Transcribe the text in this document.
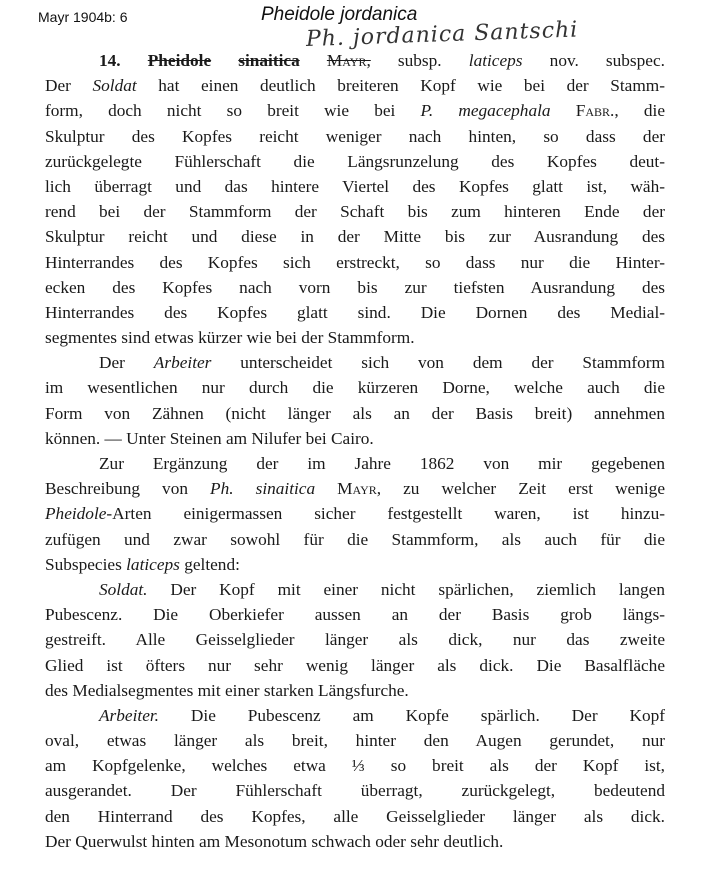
Mayr 1904b: 6	Pheidole jordanica
Ph. jordanica Santschi
14. Pheidole sinaitica Mayr, subsp. laticeps nov. subspec.
Der Soldat hat einen deutlich breiteren Kopf wie bei der Stamm-
form, doch nicht so breit wie bei P. megacephala Fabr., die
Skulptur des Kopfes reicht weniger nach hinten, so dass der
zurückgelegte Fühlerschaft die Längsrunzelung des Kopfes deut-
lich überragt und das hintere Viertel des Kopfes glatt ist, wäh-
rend bei der Stammform der Schaft bis zum hinteren Ende der
Skulptur reicht und diese in der Mitte bis zur Ausrandung des
Hinterrandes des Kopfes sich erstreckt, so dass nur die Hinter-
ecken des Kopfes nach vorn bis zur tiefsten Ausrandung des
Hinterrandes des Kopfes glatt sind. Die Dornen des Medial-
segmentes sind etwas kürzer wie bei der Stammform.
Der Arbeiter unterscheidet sich von dem der Stammform
im wesentlichen nur durch die kürzeren Dorne, welche auch die
Form von Zähnen (nicht länger als an der Basis breit) annehmen
können. — Unter Steinen am Nilufer bei Cairo.
Zur Ergänzung der im Jahre 1862 von mir gegebenen
Beschreibung von Ph. sinaitica Mayr, zu welcher Zeit erst wenige
Pheidole-Arten einigermassen sicher festgestellt waren, ist hinzu-
zufügen und zwar sowohl für die Stammform, als auch für die
Subspecies laticeps geltend:
Soldat. Der Kopf mit einer nicht spärlichen, ziemlich langen
Pubescenz. Die Oberkiefer aussen an der Basis grob längs-
gestreift. Alle Geisselglieder länger als dick, nur das zweite
Glied ist öfters nur sehr wenig länger als dick. Die Basalfläche
des Medialsegmentes mit einer starken Längsfurche.
Arbeiter. Die Pubescenz am Kopfe spärlich. Der Kopf
oval, etwas länger als breit, hinter den Augen gerundet, nur
am Kopfgelenke, welches etwa ⅓ so breit als der Kopf ist,
ausgerandet. Der Fühlerschaft überragt, zurückgelegt, bedeutend
den Hinterrand des Kopfes, alle Geisselglieder länger als dick.
Der Querwulst hinten am Mesonotum schwach oder sehr deutlich.
